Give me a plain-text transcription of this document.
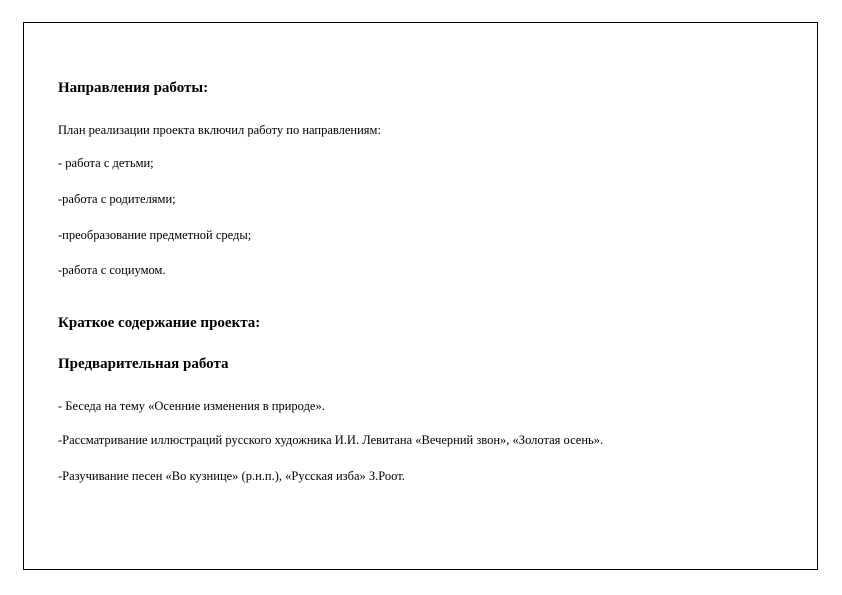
Направления работы:
План реализации проекта включил работу по направлениям:
- работа с детьми;
-работа с родителями;
-преобразование предметной среды;
-работа с социумом.
Краткое содержание проекта:
Предварительная работа
- Беседа на тему «Осенние изменения в природе».
-Рассматривание иллюстраций русского художника И.И. Левитана «Вечерний звон», «Золотая осень».
-Разучивание песен «Во кузнице» (р.н.п.), «Русская изба» З.Роот.
